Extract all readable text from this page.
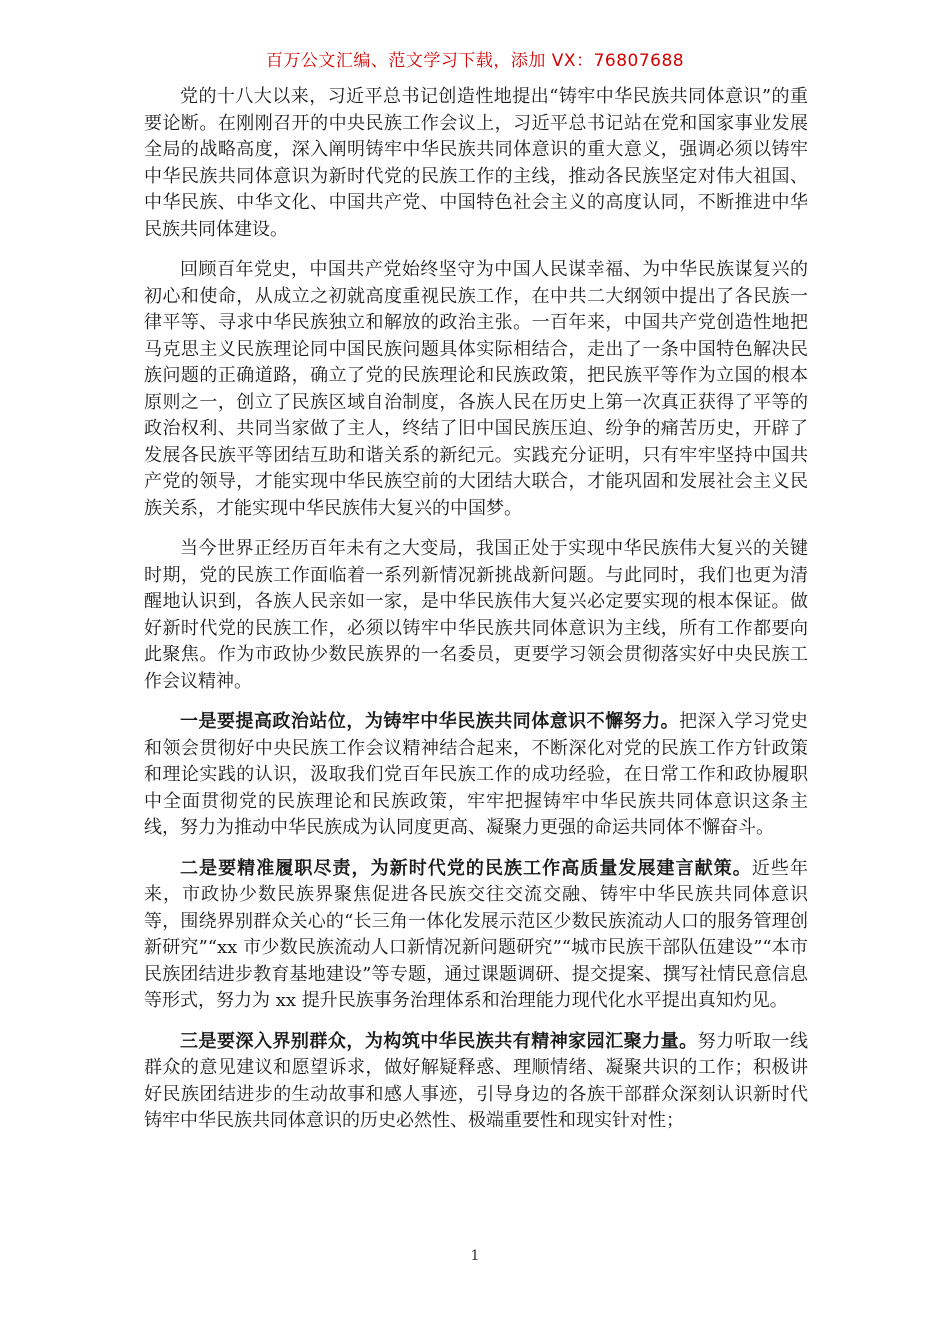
百万公文汇编、范文学习下载，添加 VX：76807688

党的十八大以来，习近平总书记创造性地提出“铸牢中华民族共同体意识”的重要论断。在刚刚召开的中央民族工作会议上，习近平总书记站在党和国家事业发展全局的战略高度，深入阐明铸牢中华民族共同体意识的重大意义，强调必须以铸牢中华民族共同体意识为新时代党的民族工作的主线，推动各民族坚定对伟大祖国、中华民族、中华文化、中国共产党、中国特色社会主义的高度认同，不断推进中华民族共同体建设。

回顾百年党史，中国共产党始终坚守为中国人民谋幸福、为中华民族谋复兴的初心和使命，从成立之初就高度重视民族工作，在中共二大纲领中提出了各民族一律平等、寻求中华民族独立和解放的政治主张。一百年来，中国共产党创造性地把马克思主义民族理论同中国民族问题具体实际相结合，走出了一条中国特色解决民族问题的正确道路，确立了党的民族理论和民族政策，把民族平等作为立国的根本原则之一，创立了民族区域自治制度，各族人民在历史上第一次真正获得了平等的政治权利、共同当家做了主人，终结了旧中国民族压迫、纷争的痛苦历史，开辟了发展各民族平等团结互助和谐关系的新纪元。实践充分证明，只有牢牢坚持中国共产党的领导，才能实现中华民族空前的大团结大联合，才能巩固和发展社会主义民族关系，才能实现中华民族伟大复兴的中国梦。

当今世界正经历百年未有之大变局，我国正处于实现中华民族伟大复兴的关键时期，党的民族工作面临着一系列新情况新挑战新问题。与此同时，我们也更为清醒地认识到，各族人民亲如一家，是中华民族伟大复兴必定要实现的根本保证。做好新时代党的民族工作，必须以铸牢中华民族共同体意识为主线，所有工作都要向此聚焦。作为市政协少数民族界的一名委员，更要学习领会贯彻落实好中央民族工作会议精神。

一是要提高政治站位，为铸牢中华民族共同体意识不懈努力。把深入学习党史和领会贯彻好中央民族工作会议精神结合起来，不断深化对党的民族工作方针政策和理论实践的认识，汲取我们党百年民族工作的成功经验，在日常工作和政协履职中全面贯彻党的民族理论和民族政策，牢牢把握铸牢中华民族共同体意识这条主线，努力为推动中华民族成为认同度更高、凝聚力更强的命运共同体不懈奋斗。

二是要精准履职尽责，为新时代党的民族工作高质量发展建言献策。近些年来，市政协少数民族界聚焦促进各民族交往交流交融、铸牢中华民族共同体意识等，围绕界别群众关心的“长三角一体化发展示范区少数民族流动人口的服务管理创新研究”“xx 市少数民族流动人口新情况新问题研究”“城市民族干部队伍建设”“本市民族团结进步教育基地建设”等专题，通过课题调研、提交提案、撰写社情民意信息等形式，努力为 xx 提升民族事务治理体系和治理能力现代化水平提出真知灼见。

三是要深入界别群众，为构筑中华民族共有精神家园汇聚力量。努力听取一线群众的意见建议和愿望诉求，做好解疑释惑、理顺情绪、凝聚共识的工作；积极讲好民族团结进步的生动故事和感人事迹，引导身边的各族干部群众深刻认识新时代铸牢中华民族共同体意识的历史必然性、极端重要性和现实针对性；

1
